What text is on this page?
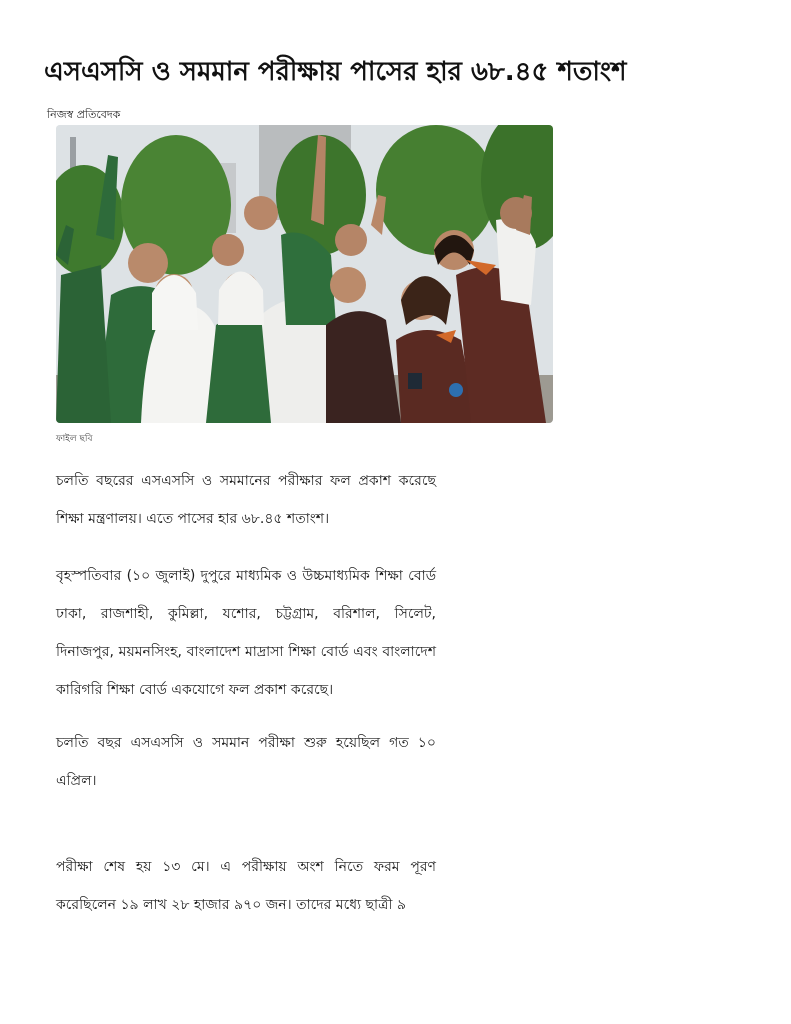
এসএসসি ও সমমান পরীক্ষায় পাসের হার ৬৮.৪৫ শতাংশ
নিজস্ব প্রতিবেদক
ফাইল ছবি

চলতি বছরের এসএসসি ও সমমানের পরীক্ষার ফল প্রকাশ করেছে শিক্ষা মন্ত্রণালয়। এতে পাসের হার ৬৮.৪৫ শতাংশ।

বৃহস্পতিবার (১০ জুলাই) দুপুরে মাধ্যমিক ও উচ্চমাধ্যমিক শিক্ষা বোর্ড ঢাকা, রাজশাহী, কুমিল্লা, যশোর, চট্টগ্রাম, বরিশাল, সিলেট, দিনাজপুর, ময়মনসিংহ, বাংলাদেশ মাদ্রাসা শিক্ষা বোর্ড এবং বাংলাদেশ কারিগরি শিক্ষা বোর্ড একযোগে ফল প্রকাশ করেছে।

চলতি বছর এসএসসি ও সমমান পরীক্ষা শুরু হয়েছিল গত ১০ এপ্রিল।

পরীক্ষা শেষ হয় ১৩ মে। এ পরীক্ষায় অংশ নিতে ফরম পূরণ করেছিলেন ১৯ লাখ ২৮ হাজার ৯৭০ জন। তাদের মধ্যে ছাত্রী ৯
